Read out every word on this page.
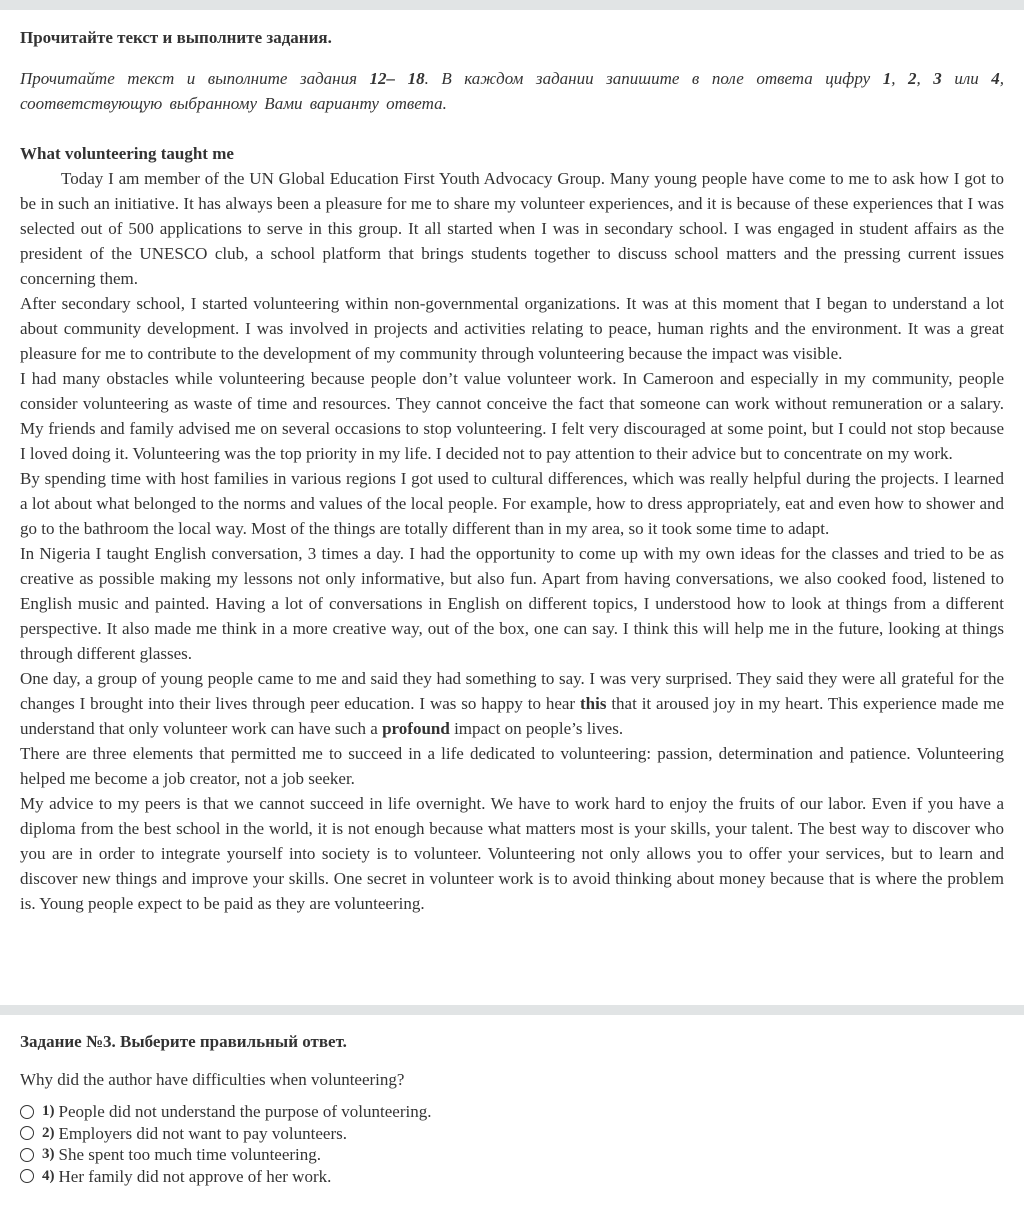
Прочитайте текст и выполните задания.
Прочитайте текст и выполните задания 12– 18. В каждом задании запишите в поле ответа цифру 1, 2, 3 или 4, соответствующую выбранному Вами варианту ответа.
What volunteering taught me

Today I am member of the UN Global Education First Youth Advocacy Group. Many young people have come to me to ask how I got to be in such an initiative. It has always been a pleasure for me to share my volunteer experiences, and it is because of these experiences that I was selected out of 500 applications to serve in this group. It all started when I was in secondary school. I was engaged in student affairs as the president of the UNESCO club, a school platform that brings students together to discuss school matters and the pressing current issues concerning them.

After secondary school, I started volunteering within non-governmental organizations. It was at this moment that I began to understand a lot about community development. I was involved in projects and activities relating to peace, human rights and the environment. It was a great pleasure for me to contribute to the development of my community through volunteering because the impact was visible.

I had many obstacles while volunteering because people don’t value volunteer work. In Cameroon and especially in my community, people consider volunteering as waste of time and resources. They cannot conceive the fact that someone can work without remuneration or a salary. My friends and family advised me on several occasions to stop volunteering. I felt very discouraged at some point, but I could not stop because I loved doing it. Volunteering was the top priority in my life. I decided not to pay attention to their advice but to concentrate on my work.

By spending time with host families in various regions I got used to cultural differences, which was really helpful during the projects. I learned a lot about what belonged to the norms and values of the local people. For example, how to dress appropriately, eat and even how to shower and go to the bathroom the local way. Most of the things are totally different than in my area, so it took some time to adapt.

In Nigeria I taught English conversation, 3 times a day. I had the opportunity to come up with my own ideas for the classes and tried to be as creative as possible making my lessons not only informative, but also fun. Apart from having conversations, we also cooked food, listened to English music and painted. Having a lot of conversations in English on different topics, I understood how to look at things from a different perspective. It also made me think in a more creative way, out of the box, one can say. I think this will help me in the future, looking at things through different glasses.

One day, a group of young people came to me and said they had something to say. I was very surprised. They said they were all grateful for the changes I brought into their lives through peer education. I was so happy to hear this that it aroused joy in my heart. This experience made me understand that only volunteer work can have such a profound impact on people’s lives.

There are three elements that permitted me to succeed in a life dedicated to volunteering: passion, determination and patience. Volunteering helped me become a job creator, not a job seeker.

My advice to my peers is that we cannot succeed in life overnight. We have to work hard to enjoy the fruits of our labor. Even if you have a diploma from the best school in the world, it is not enough because what matters most is your skills, your talent. The best way to discover who you are in order to integrate yourself into society is to volunteer. Volunteering not only allows you to offer your services, but to learn and discover new things and improve your skills. One secret in volunteer work is to avoid thinking about money because that is where the problem is. Young people expect to be paid as they are volunteering.

Задание №3. Выберите правильный ответ.
Why did the author have difficulties when volunteering?
1) People did not understand the purpose of volunteering.
2) Employers did not want to pay volunteers.
3) She spent too much time volunteering.
4) Her family did not approve of her work.
